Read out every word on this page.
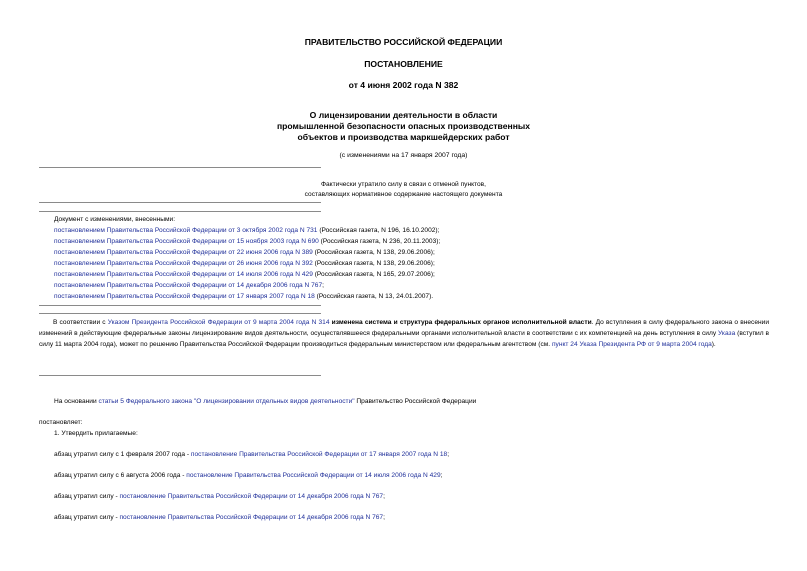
ПРАВИТЕЛЬСТВО РОССИЙСКОЙ ФЕДЕРАЦИИ
ПОСТАНОВЛЕНИЕ
от 4 июня 2002 года N 382
О лицензировании деятельности в области
промышленной безопасности опасных производственных
объектов и производства маркшейдерских работ
(с изменениями на 17 января 2007 года)
Фактически утратило силу в связи с отменой пунктов,
составляющих нормативное содержание настоящего документа
Документ с изменениями, внесенными:
постановлением Правительства Российской Федерации от 3 октября 2002 года N 731 (Российская газета, N 196, 16.10.2002);
постановлением Правительства Российской Федерации от 15 ноября 2003 года N 690 (Российская газета, N 236, 20.11.2003);
постановлением Правительства Российской Федерации от 22 июня 2006 года N 389 (Российская газета, N 138, 29.06.2006);
постановлением Правительства Российской Федерации от 26 июня 2006 года N 392 (Российская газета, N 138, 29.06.2006);
постановлением Правительства Российской Федерации от 14 июля 2006 года N 429 (Российская газета, N 165, 29.07.2006);
постановлением Правительства Российской Федерации от 14 декабря 2006 года N 767;
постановлением Правительства Российской Федерации от 17 января 2007 года N 18 (Российская газета, N 13, 24.01.2007).
В соответствии с Указом Президента Российской Федерации от 9 марта 2004 года N 314 изменена система и структура федеральных органов исполнительной власти. До вступления в силу федерального закона о внесении изменений в действующие федеральные законы лицензирование видов деятельности, осуществлявшееся федеральными органами исполнительной власти в соответствии с их компетенцией на день вступления в силу Указа (вступил в силу 11 марта 2004 года), может по решению Правительства Российской Федерации производиться федеральным министерством или федеральным агентством (см. пункт 24 Указа Президента РФ от 9 марта 2004 года).
На основании статьи 5 Федерального закона "О лицензировании отдельных видов деятельности" Правительство Российской Федерации
постановляет:
1. Утвердить прилагаемые:
абзац утратил силу с 1 февраля 2007 года - постановление Правительства Российской Федерации от 17 января 2007 года N 18;
абзац утратил силу с 6 августа 2006 года - постановление Правительства Российской Федерации от 14 июля 2006 года N 429;
абзац утратил силу - постановление Правительства Российской Федерации от 14 декабря 2006 года N 767;
абзац утратил силу - постановление Правительства Российской Федерации от 14 декабря 2006 года N 767;
